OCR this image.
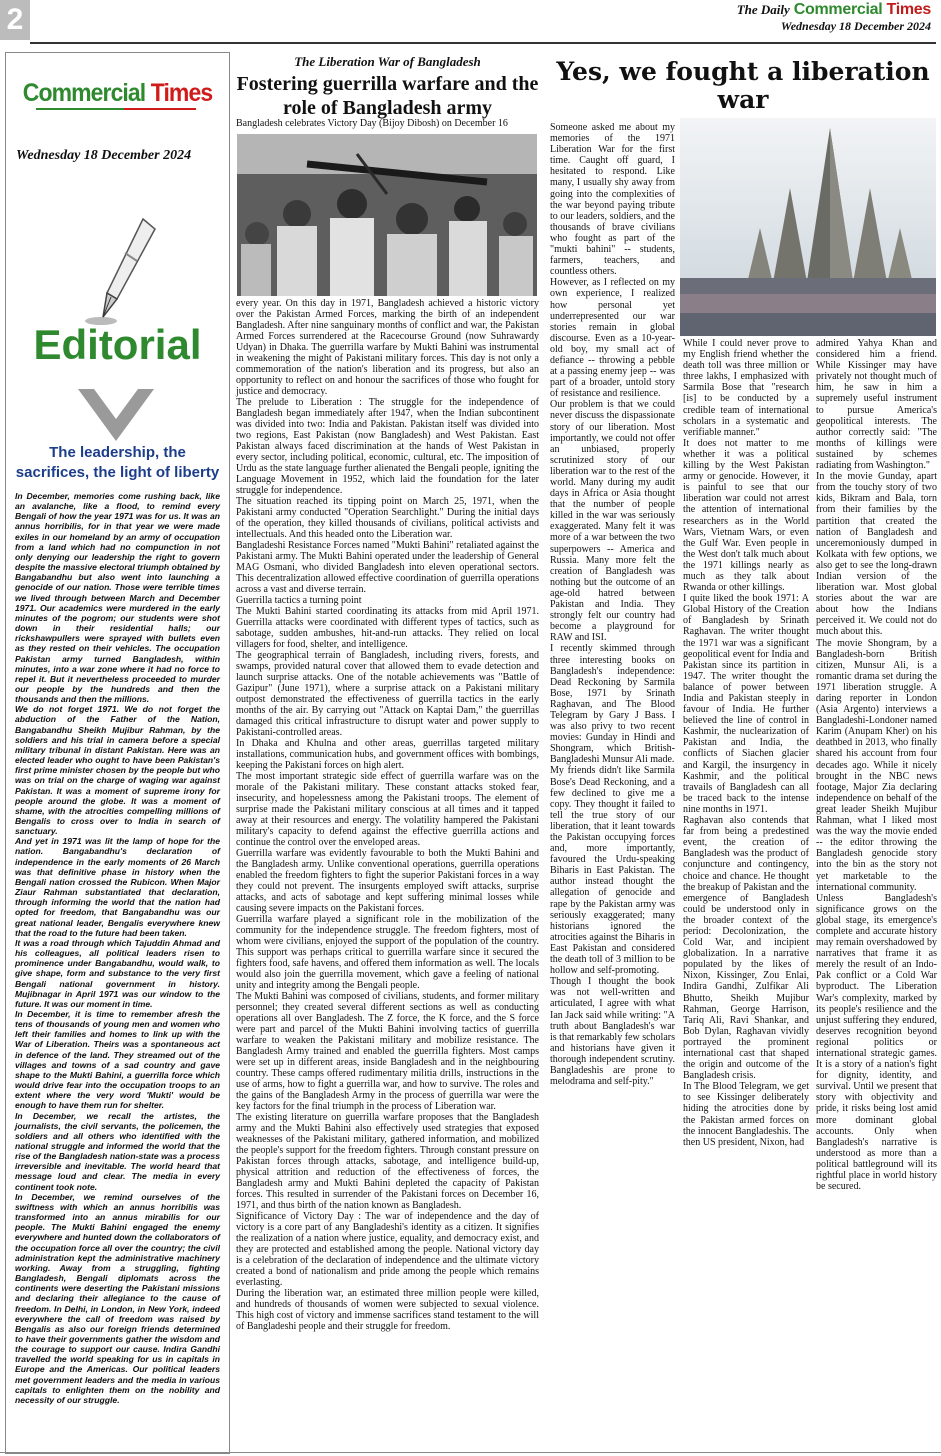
2	The Daily Commercial Times
Wednesday 18 December 2024
Commercial Times
Wednesday 18 December 2024
Editorial
The leadership, the sacrifices, the light of liberty

In December, memories come rushing back, like an avalanche, like a flood, to remind every Bengali of how the year 1971 was for us. It was an annus horribilis, for in that year we were made exiles in our homeland by an army of occupation from a land which had no compunction in not only denying our leadership the right to govern despite the massive electoral triumph obtained by Bangabandhu but also went into launching a genocide of our nation. Those were terrible times we lived through between March and December 1971. Our academics were murdered in the early minutes of the pogrom; our students were shot down in their residential halls; our rickshawpullers were sprayed with bullets even as they rested on their vehicles. The occupation Pakistan army turned Bangladesh, within minutes, into a war zone where it had no force to repel it. But it nevertheless proceeded to murder our people by the hundreds and then the thousands and then the millions.

We do not forget 1971. We do not forget the abduction of the Father of the Nation, Bangabandhu Sheikh Mujibur Rahman, by the soldiers and his trial in camera before a special military tribunal in distant Pakistan. Here was an elected leader who ought to have been Pakistan's first prime minister chosen by the people but who was on trial on the charge of waging war against Pakistan. It was a moment of supreme irony for people around the globe. It was a moment of shame, with the atrocities compelling millions of Bengalis to cross over to India in search of sanctuary.

And yet in 1971 was lit the lamp of hope for the nation. Bangabandhu's declaration of independence in the early moments of 26 March was that definitive phase in history when the Bengali nation crossed the Rubicon. When Major Ziaur Rahman substantiated that declaration, through informing the world that the nation had opted for freedom, that Bangabandhu was our great national leader, Bengalis everywhere knew that the road to the future had been taken.

It was a road through which Tajuddin Ahmad and his colleagues, all political leaders risen to prominence under Bangabandhu, would walk, to give shape, form and substance to the very first Bengali national government in history. Mujibnagar in April 1971 was our window to the future. It was our moment in time.

In December, it is time to remember afresh the tens of thousands of young men and women who left their families and homes to link up with the War of Liberation. Theirs was a spontaneous act in defence of the land. They streamed out of the villages and towns of a sad country and gave shape to the Mukti Bahini, a guerrilla force which would drive fear into the occupation troops to an extent where the very word 'Mukti' would be enough to have them run for shelter.

In December, we recall the artistes, the journalists, the civil servants, the policemen, the soldiers and all others who identified with the national struggle and informed the world that the rise of the Bangladesh nation-state was a process irreversible and inevitable. The world heard that message loud and clear. The media in every continent took note.

In December, we remind ourselves of the swiftness with which an annus horribilis was transformed into an annus mirabilis for our people. The Mukti Bahini engaged the enemy everywhere and hunted down the collaborators of the occupation force all over the country; the civil administration kept the administrative machinery working. Away from a struggling, fighting Bangladesh, Bengali diplomats across the continents were deserting the Pakistani missions and declaring their allegiance to the cause of freedom. In Delhi, in London, in New York, indeed everywhere the call of freedom was raised by Bengalis as also our foreign friends determined to have their governments gather the wisdom and the courage to support our cause. Indira Gandhi travelled the world speaking for us in capitals in Europe and the Americas. Our political leaders met government leaders and the media in various capitals to enlighten them on the nobility and necessity of our struggle.

The Liberation War of Bangladesh
Fostering guerrilla warfare and the role of Bangladesh army
Bangladesh celebrates Victory Day (Bijoy Dibosh) on December 16

every year. On this day in 1971, Bangladesh achieved a historic victory over the Pakistan Armed Forces, marking the birth of an independent Bangladesh. After nine sanguinary months of conflict and war, the Pakistan Armed Forces surrendered at the Racecourse Ground (now Suhrawardy Udyan) in Dhaka. The guerrilla warfare by Mukti Bahini was instrumental in weakening the might of Pakistani military forces. This day is not only a commemoration of the nation's liberation and its progress, but also an opportunity to reflect on and honour the sacrifices of those who fought for justice and democracy.

The prelude to Liberation : The struggle for the independence of Bangladesh began immediately after 1947, when the Indian subcontinent was divided into two: India and Pakistan. Pakistan itself was divided into two regions, East Pakistan (now Bangladesh) and West Pakistan. East Pakistan always faced discrimination at the hands of West Pakistan in every sector, including political, economic, cultural, etc. The imposition of Urdu as the state language further alienated the Bengali people, igniting the Language Movement in 1952, which laid the foundation for the later struggle for independence.

The situation reached its tipping point on March 25, 1971, when the Pakistani army conducted "Operation Searchlight." During the initial days of the operation, they killed thousands of civilians, political activists and intellectuals. And this headed onto the Liberation war.

Bangladeshi Resistance Forces named "Mukti Bahini" retaliated against the Pakistani army. The Mukti Bahini operated under the leadership of General MAG Osmani, who divided Bangladesh into eleven operational sectors. This decentralization allowed effective coordination of guerrilla operations across a vast and diverse terrain.

Guerrilla tactics a turning point

The Mukti Bahini started coordinating its attacks from mid April 1971. Guerrilla attacks were coordinated with different types of tactics, such as sabotage, sudden ambushes, hit-and-run attacks. They relied on local villagers for food, shelter, and intelligence.

The geographical terrain of Bangladesh, including rivers, forests, and swamps, provided natural cover that allowed them to evade detection and launch surprise attacks. One of the notable achievements was "Battle of Gazipur" (June 1971), where a surprise attack on a Pakistani military outpost demonstrated the effectiveness of guerrilla tactics in the early months of the air. By carrying out "Attack on Kaptai Dam," the guerrillas damaged this critical infrastructure to disrupt water and power supply to Pakistani-controlled areas.

In Dhaka and Khulna and other areas, guerrillas targeted military installations, communication hubs, and government offices with bombings, keeping the Pakistani forces on high alert.

The most important strategic side effect of guerrilla warfare was on the morale of the Pakistani military. These constant attacks stoked fear, insecurity, and hopelessness among the Pakistani troops. The element of surprise made the Pakistani military conscious at all times and it tapped away at their resources and energy. The volatility hampered the Pakistani military's capacity to defend against the effective guerrilla actions and continue the control over the enveloped areas.

Guerrilla warfare was evidently favourable to both the Mukti Bahini and the Bangladesh army. Unlike conventional operations, guerrilla operations enabled the freedom fighters to fight the superior Pakistani forces in a way they could not prevent. The insurgents employed swift attacks, surprise attacks, and acts of sabotage and kept suffering minimal losses while causing severe impacts on the Pakistani forces.

Guerrilla warfare played a significant role in the mobilization of the community for the independence struggle. The freedom fighters, most of whom were civilians, enjoyed the support of the population of the country. This support was perhaps critical to guerrilla warfare since it secured the fighters food, safe havens, and offered them information as well. The locals would also join the guerrilla movement, which gave a feeling of national unity and integrity among the Bengali people.

The Mukti Bahini was composed of civilians, students, and former military personnel; they created several different sections as well as conducting operations all over Bangladesh. The Z force, the K force, and the S force were part and parcel of the Mukti Bahini involving tactics of guerrilla warfare to weaken the Pakistani military and mobilize resistance. The Bangladesh Army trained and enabled the guerrilla fighters. Most camps were set up in different areas, inside Bangladesh and in the neighbouring country. These camps offered rudimentary militia drills, instructions in the use of arms, how to fight a guerrilla war, and how to survive. The roles and the gains of the Bangladesh Army in the process of guerrilla war were the key factors for the final triumph in the process of Liberation war.

The existing literature on guerrilla warfare proposes that the Bangladesh army and the Mukti Bahini also effectively used strategies that exposed weaknesses of the Pakistani military, gathered information, and mobilized the people's support for the freedom fighters. Through constant pressure on Pakistan forces through attacks, sabotage, and intelligence build-up, physical attrition and reduction of the effectiveness of forces, the Bangladesh army and Mukti Bahini depleted the capacity of Pakistan forces. This resulted in surrender of the Pakistani forces on December 16, 1971, and thus birth of the nation known as Bangladesh.

Significance of Victory Day : The war of independence and the day of victory is a core part of any Bangladeshi's identity as a citizen. It signifies the realization of a nation where justice, equality, and democracy exist, and they are protected and established among the people. National victory day is a celebration of the declaration of independence and the ultimate victory created a bond of nationalism and pride among the people which remains everlasting.

During the liberation war, an estimated three million people were killed, and hundreds of thousands of women were subjected to sexual violence. This high cost of victory and immense sacrifices stand testament to the will of Bangladeshi people and their struggle for freedom.

Yes, we fought a liberation war

Someone asked me about my memories of the 1971 Liberation War for the first time. Caught off guard, I hesitated to respond. Like many, I usually shy away from going into the complexities of the war beyond paying tribute to our leaders, soldiers, and the thousands of brave civilians who fought as part of the "mukti bahini" -- students, farmers, teachers, and countless others.

However, as I reflected on my own experience, I realized how personal yet underrepresented our war stories remain in global discourse. Even as a 10-year-old boy, my small act of defiance -- throwing a pebble at a passing enemy jeep -- was part of a broader, untold story of resistance and resilience.

Our problem is that we could never discuss the dispassionate story of our liberation. Most importantly, we could not offer an unbiased, properly scrutinized story of our liberation war to the rest of the world. Many during my audit days in Africa or Asia thought that the number of people killed in the war was seriously exaggerated. Many felt it was more of a war between the two superpowers -- America and Russia. Many more felt the creation of Bangladesh was nothing but the outcome of an age-old hatred between Pakistan and India. They strongly felt our country had become a playground for RAW and ISI.

I recently skimmed through three interesting books on Bangladesh's independence: Dead Reckoning by Sarmila Bose, 1971 by Srinath Raghavan, and The Blood Telegram by Gary J Bass. I was also privy to two recent movies: Gunday in Hindi and Shongram, which British-Bangladeshi Munsur Ali made.

My friends didn't like Sarmila Bose's Dead Reckoning, and a few declined to give me a copy. They thought it failed to tell the true story of our liberation, that it leant towards the Pakistan occupying forces and, more importantly, favoured the Urdu-speaking Biharis in East Pakistan. The author instead thought the allegation of genocide and rape by the Pakistan army was seriously exaggerated; many historians ignored the atrocities against the Biharis in East Pakistan and considered the death toll of 3 million to be hollow and self-promoting.

Though I thought the book was not well-written and articulated, I agree with what Ian Jack said while writing: "A truth about Bangladesh's war is that remarkably few scholars and historians have given it thorough independent scrutiny. Bangladeshis are prone to melodrama and self-pity."

While I could never prove to my English friend whether the death toll was three million or three lakhs, I emphasized with Sarmila Bose that "research [is] to be conducted by a credible team of international scholars in a systematic and verifiable manner."

It does not matter to me whether it was a political killing by the West Pakistan army or genocide. However, it is painful to see that our liberation war could not arrest the attention of international researchers as in the World Wars, Vietnam Wars, or even the Gulf War. Even people in the West don't talk much about the 1971 killings nearly as much as they talk about Rwanda or other killings.

I quite liked the book 1971: A Global History of the Creation of Bangladesh by Srinath Raghavan. The writer thought the 1971 war was a significant geopolitical event for India and Pakistan since its partition in 1947. The writer thought the balance of power between India and Pakistan steeply in favour of India. He further believed the line of control in Kashmir, the nuclearization of Pakistan and India, the conflicts of Siachen glacier and Kargil, the insurgency in Kashmir, and the political travails of Bangladesh can all be traced back to the intense nine months in 1971.

Raghavan also contends that far from being a predestined event, the creation of Bangladesh was the product of conjuncture and contingency, choice and chance. He thought the breakup of Pakistan and the emergence of Bangladesh could be understood only in the broader context of the period: Decolonization, the Cold War, and incipient globalization. In a narrative populated by the likes of Nixon, Kissinger, Zou Enlai, Indira Gandhi, Zulfikar Ali Bhutto, Sheikh Mujibur Rahman, George Harrison, Tariq Ali, Ravi Shankar, and Bob Dylan, Raghavan vividly portrayed the prominent international cast that shaped the origin and outcome of the Bangladesh crisis.

In The Blood Telegram, we get to see Kissinger deliberately hiding the atrocities done by the Pakistan armed forces on the innocent Bangladeshis. The then US president, Nixon, had

admired Yahya Khan and considered him a friend. While Kissinger may have privately not thought much of him, he saw in him a supremely useful instrument to pursue America's geopolitical interests. The author correctly said: "The months of killings were sustained by schemes radiating from Washington."

In the movie Gunday, apart from the touchy story of two kids, Bikram and Bala, torn from their families by the partition that created the nation of Bangladesh and unceremoniously dumped in Kolkata with few options, we also get to see the long-drawn Indian version of the liberation war. Most global stories about the war are about how the Indians perceived it. We could not do much about this.

The movie Shongram, by a Bangladesh-born British citizen, Munsur Ali, is a romantic drama set during the 1971 liberation struggle. A daring reporter in London (Asia Argento) interviews a Bangladeshi-Londoner named Karim (Anupam Kher) on his deathbed in 2013, who finally shared his account from four decades ago. While it nicely brought in the NBC news footage, Major Zia declaring independence on behalf of the great leader Sheikh Mujibur Rahman, what I liked most was the way the movie ended -- the editor throwing the Bangladesh genocide story into the bin as the story not yet marketable to the international community.

Unless Bangladesh's significance grows on the global stage, its emergence's complete and accurate history may remain overshadowed by narratives that frame it as merely the result of an Indo-Pak conflict or a Cold War byproduct. The Liberation War's complexity, marked by its people's resilience and the unjust suffering they endured, deserves recognition beyond regional politics or international strategic games. It is a story of a nation's fight for dignity, identity, and survival. Until we present that story with objectivity and pride, it risks being lost amid more dominant global accounts. Only when Bangladesh's narrative is understood as more than a political battleground will its rightful place in world history be secured.
